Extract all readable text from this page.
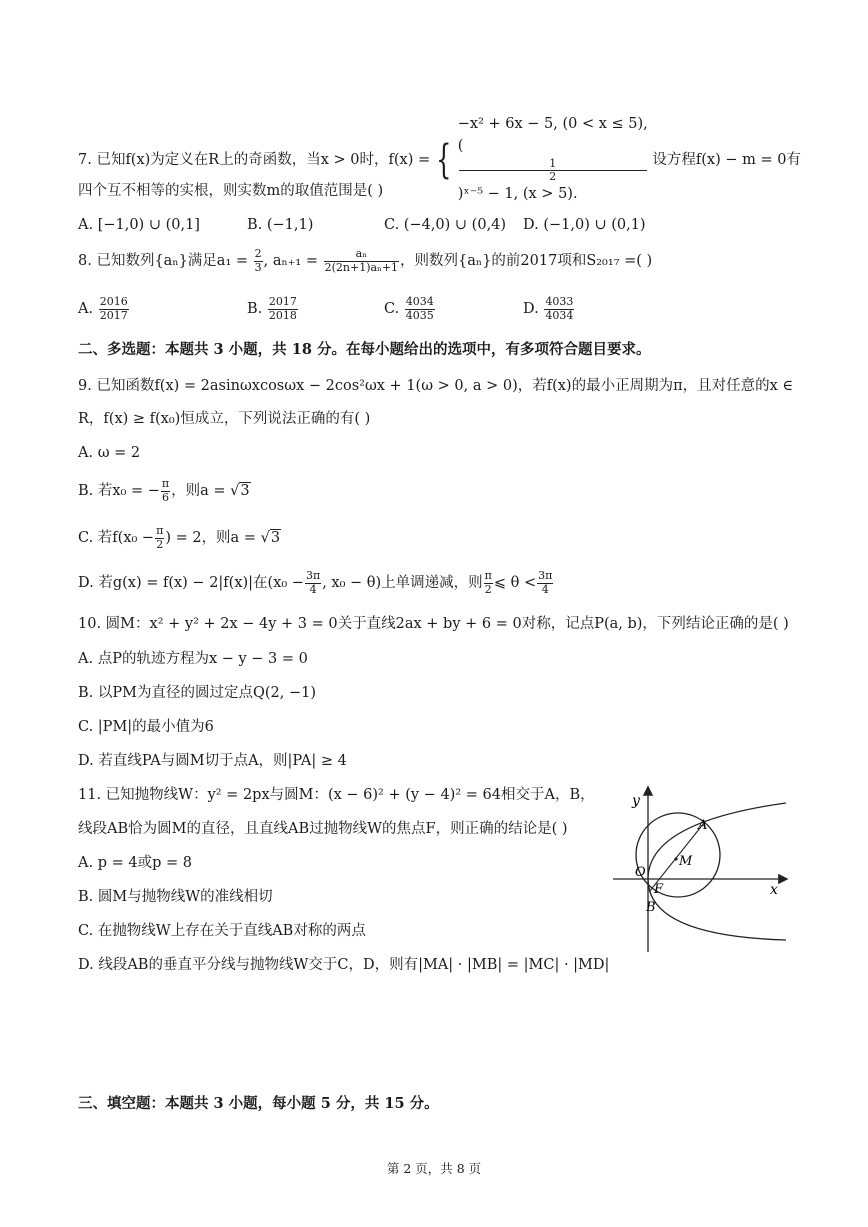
7. 已知f(x)为定义在R上的奇函数，当x > 0时，f(x) = {
−x² + 6x − 5, (0 < x ≤ 5),
(
1
2
)ˣ⁻⁵ − 1, (x > 5).
设方程f(x) − m = 0有
四个互不相等的实根，则实数m的取值范围是( )
A. [−1,0) ∪ (0,1]	B. (−1,1)	C. (−4,0) ∪ (0,4) D. (−1,0) ∪ (0,1)
8. 已知数列{aₙ}满足$a_1 = \frac{2}{3}$ , $a_{n+1} = \frac{\text{aₙ}}{\text{2(2n+1)aₙ+1}}$ ，则数列{aₙ}的前2017项和S₂₀₁₇ =( )
A. $\frac{2016}{2017}$	B. $\frac{2017}{2018}$	C. $\frac{4034}{4035}$	D. $\frac{4033}{4034}$
二、多选题：本题共 3 小题，共 18 分。在每小题给出的选项中，有多项符合题目要求。
9. 已知函数f(x) = 2asinωxcosωx − 2cos²ωx + 1(ω > 0, a > 0)，若f(x)的最小正周期为π，且对任意的x ∈
R，f(x) ≥ f(x₀)恒成立，下列说法正确的有( )
A. ω = 2
B. 若x₀ = − $\frac{\pi}{6}$ ，则a = √3
C. 若$f(x_0 - \frac{\pi}{2}$ ) = 2，则a = √3
D. 若g(x) = f(x) − 2|f(x)|在($x_0 - \frac{3\pi}{4}$ , x₀ − θ)上单调递减，则 $\frac{\pi}{2}$ ⩽ $\theta < \frac{3\pi}{4}$
10. 圆M：x² + y² + 2x − 4y + 3 = 0关于直线2ax + by + 6 = 0对称，记点P(a, b)，下列结论正确的是( )
A. 点P的轨迹方程为x − y − 3 = 0
B. 以PM为直径的圆过定点Q(2, −1)
C. |PM|的最小值为6
D. 若直线PA与圆M切于点A，则|PA| ≥ 4
11. 已知抛物线W：y² = 2px与圆M：(x − 6)² + (y − 4)² = 64相交于A，B，
线段AB恰为圆M的直径，且直线AB过抛物线W的焦点F，则正确的结论是( )
A. p = 4或p = 8
B. 圆M与抛物线W的准线相切
C. 在抛物线W上存在关于直线AB对称的两点
D. 线段AB的垂直平分线与抛物线W交于C，D，则有|MA| · |MB| = |MC| · |MD|
y
x
A
M
O
F
B
三、填空题：本题共 3 小题，每小题 5 分，共 15 分。
第 2 页，共 8 页
